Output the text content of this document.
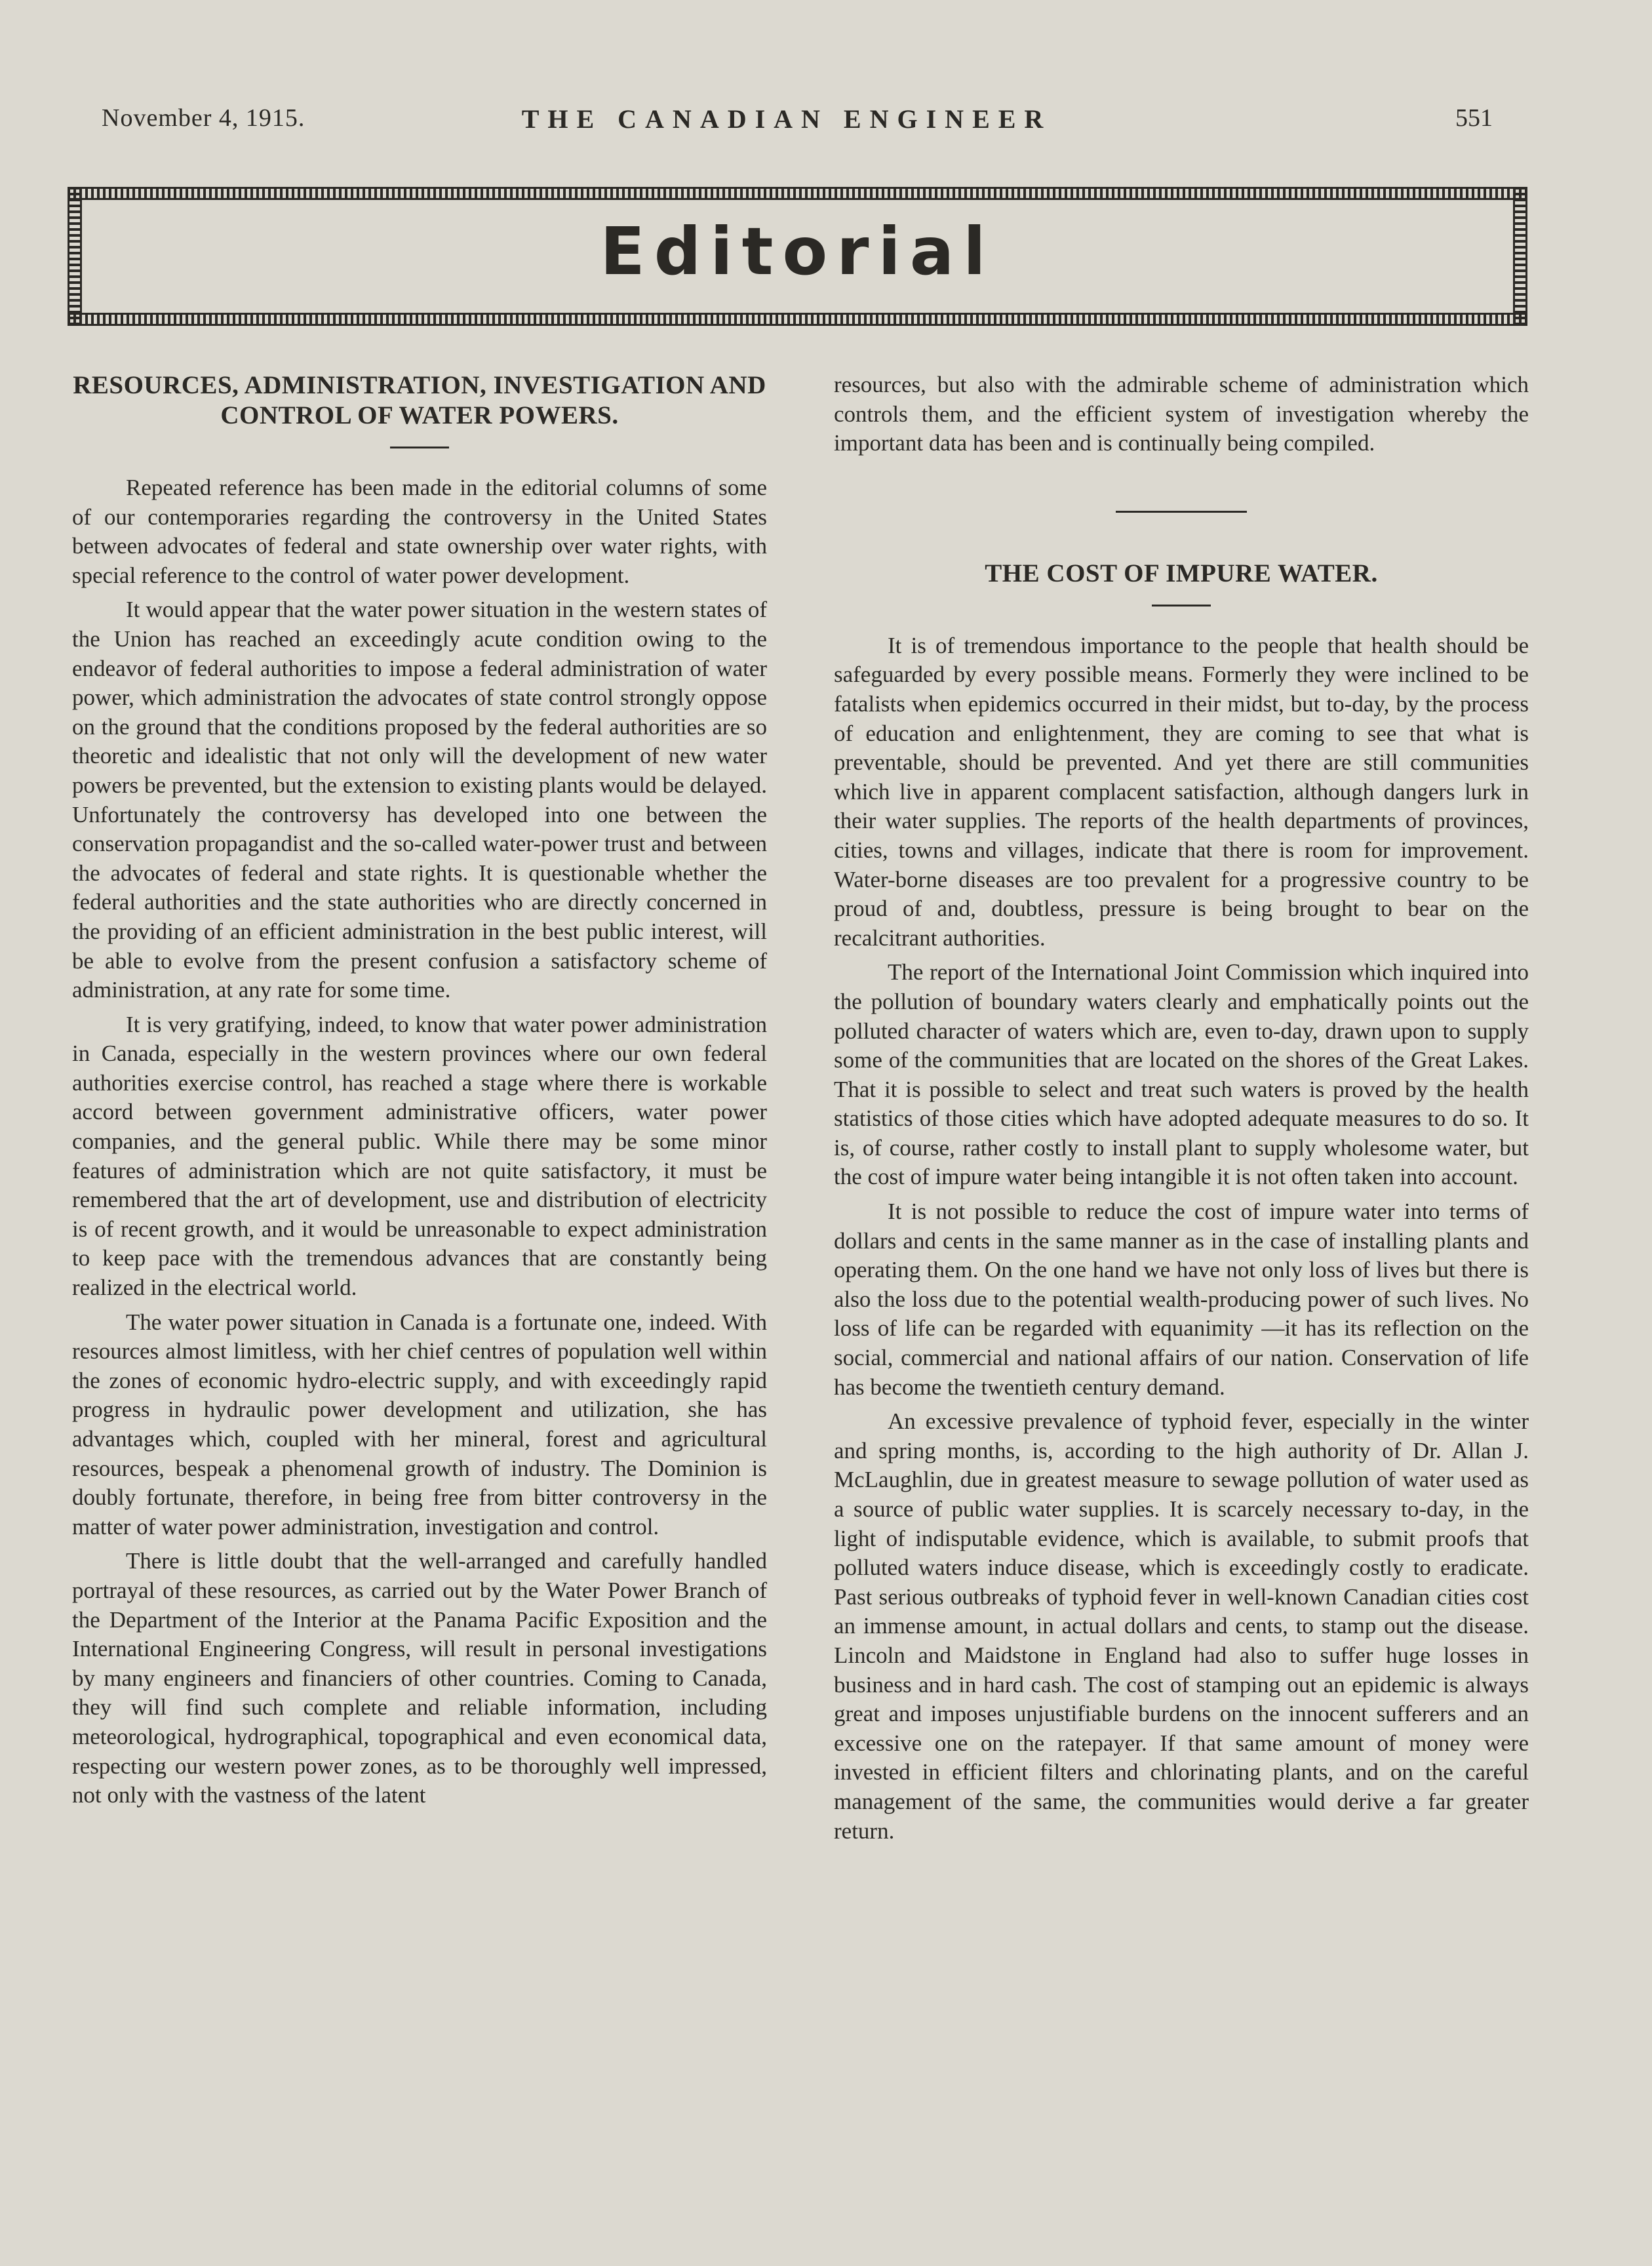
November 4, 1915.	THE CANADIAN ENGINEER	551
Editorial
RESOURCES, ADMINISTRATION, INVESTIGATION AND CONTROL OF WATER POWERS.

Repeated reference has been made in the editorial columns of some of our contemporaries regarding the controversy in the United States between advocates of federal and state ownership over water rights, with special reference to the control of water power development.

It would appear that the water power situation in the western states of the Union has reached an exceedingly acute condition owing to the endeavor of federal authorities to impose a federal administration of water power, which administration the advocates of state control strongly oppose on the ground that the conditions proposed by the federal authorities are so theoretic and idealistic that not only will the development of new water powers be prevented, but the extension to existing plants would be delayed. Unfortunately the controversy has developed into one between the conservation propagandist and the so-called water-power trust and between the advocates of federal and state rights. It is questionable whether the federal authorities and the state authorities who are directly concerned in the providing of an efficient administration in the best public interest, will be able to evolve from the present confusion a satisfactory scheme of administration, at any rate for some time.

It is very gratifying, indeed, to know that water power administration in Canada, especially in the western provinces where our own federal authorities exercise control, has reached a stage where there is workable accord between government administrative officers, water power companies, and the general public. While there may be some minor features of administration which are not quite satisfactory, it must be remembered that the art of development, use and distribution of electricity is of recent growth, and it would be unreasonable to expect administration to keep pace with the tremendous advances that are constantly being realized in the electrical world.

The water power situation in Canada is a fortunate one, indeed. With resources almost limitless, with her chief centres of population well within the zones of economic hydro-electric supply, and with exceedingly rapid progress in hydraulic power development and utilization, she has advantages which, coupled with her mineral, forest and agricultural resources, bespeak a phenomenal growth of industry. The Dominion is doubly fortunate, therefore, in being free from bitter controversy in the matter of water power administration, investigation and control.

There is little doubt that the well-arranged and carefully handled portrayal of these resources, as carried out by the Water Power Branch of the Department of the Interior at the Panama Pacific Exposition and the International Engineering Congress, will result in personal investigations by many engineers and financiers of other countries. Coming to Canada, they will find such complete and reliable information, including meteorological, hydrographical, topographical and even economical data, respecting our western power zones, as to be thoroughly well impressed, not only with the vastness of the latent

resources, but also with the admirable scheme of administration which controls them, and the efficient system of investigation whereby the important data has been and is continually being compiled.

THE COST OF IMPURE WATER.

It is of tremendous importance to the people that health should be safeguarded by every possible means. Formerly they were inclined to be fatalists when epidemics occurred in their midst, but to-day, by the process of education and enlightenment, they are coming to see that what is preventable, should be prevented. And yet there are still communities which live in apparent complacent satisfaction, although dangers lurk in their water supplies. The reports of the health departments of provinces, cities, towns and villages, indicate that there is room for improvement. Water-borne diseases are too prevalent for a progressive country to be proud of and, doubtless, pressure is being brought to bear on the recalcitrant authorities.

The report of the International Joint Commission which inquired into the pollution of boundary waters clearly and emphatically points out the polluted character of waters which are, even to-day, drawn upon to supply some of the communities that are located on the shores of the Great Lakes. That it is possible to select and treat such waters is proved by the health statistics of those cities which have adopted adequate measures to do so. It is, of course, rather costly to install plant to supply wholesome water, but the cost of impure water being intangible it is not often taken into account.

It is not possible to reduce the cost of impure water into terms of dollars and cents in the same manner as in the case of installing plants and operating them. On the one hand we have not only loss of lives but there is also the loss due to the potential wealth-producing power of such lives. No loss of life can be regarded with equanimity —it has its reflection on the social, commercial and national affairs of our nation. Conservation of life has become the twentieth century demand.

An excessive prevalence of typhoid fever, especially in the winter and spring months, is, according to the high authority of Dr. Allan J. McLaughlin, due in greatest measure to sewage pollution of water used as a source of public water supplies. It is scarcely necessary to-day, in the light of indisputable evidence, which is available, to submit proofs that polluted waters induce disease, which is exceedingly costly to eradicate. Past serious outbreaks of typhoid fever in well-known Canadian cities cost an immense amount, in actual dollars and cents, to stamp out the disease. Lincoln and Maidstone in England had also to suffer huge losses in business and in hard cash. The cost of stamping out an epidemic is always great and imposes unjustifiable burdens on the innocent sufferers and an excessive one on the ratepayer. If that same amount of money were invested in efficient filters and chlorinating plants, and on the careful management of the same, the communities would derive a far greater return.
